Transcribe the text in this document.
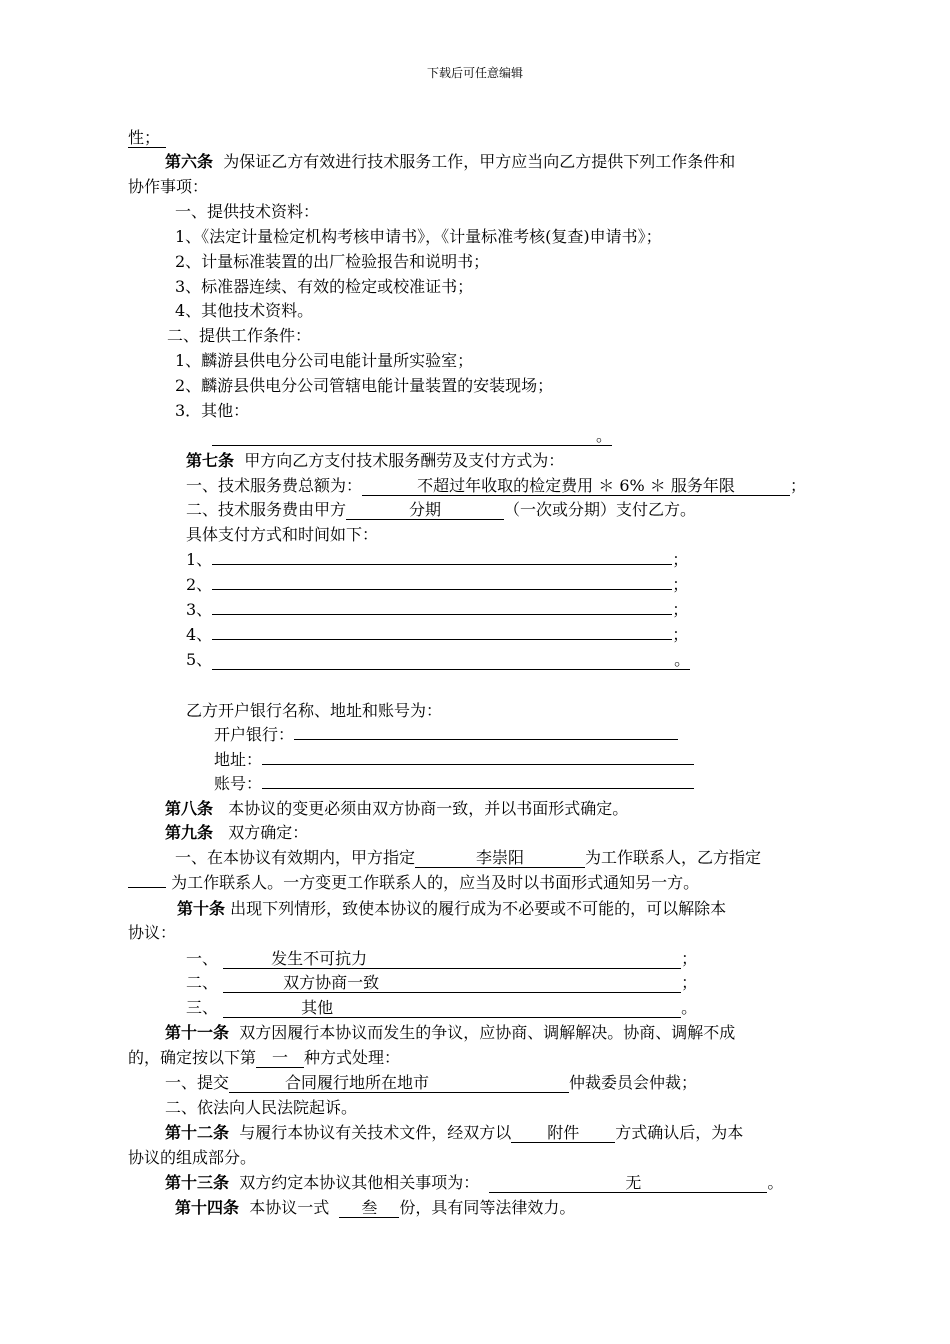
下载后可任意编辑
性；
第六条 为保证乙方有效进行技术服务工作，甲方应当向乙方提供下列工作条件和
协作事项：
一、提供技术资料：
1、《法定计量检定机构考核申请书》，《计量标准考核(复查)申请书》；
2、计量标准装置的出厂检验报告和说明书；
3、标准器连续、有效的检定或校准证书；
4、其他技术资料。
二、提供工作条件：
1、麟游县供电分公司电能计量所实验室；
2、麟游县供电分公司管辖电能计量装置的安装现场；
3．其他：
。
第七条 甲方向乙方支付技术服务酬劳及支付方式为：
一、技术服务费总额为：	不超过年收取的检定费用 ＊ 6% ＊ 服务年限	；
二、技术服务费由甲方	分期	（一次或分期）支付乙方。
具体支付方式和时间如下：
1、	；
2、	；
3、	；
4、	；
5、	。
乙方开户银行名称、地址和账号为：
开户银行：
地址：
账号：
第八条 本协议的变更必须由双方协商一致，并以书面形式确定。
第九条 双方确定：
一、在本协议有效期内，甲方指定	李崇阳	为工作联系人，乙方指定
为工作联系人。一方变更工作联系人的，应当及时以书面形式通知另一方。
第十条 出现下列情形，致使本协议的履行成为不必要或不可能的，可以解除本
协议：
一、	发生不可抗力	；
二、	双方协商一致	；
三、	其他	。
第十一条 双方因履行本协议而发生的争议，应协商、调解解决。协商、调解不成
的，确定按以下第 一 种方式处理：
一、提交	合同履行地所在地市	仲裁委员会仲裁；
二、依法向人民法院起诉。
第十二条 与履行本协议有关技术文件，经双方以 附件 方式确认后，为本
协议的组成部分。
第十三条 双方约定本协议其他相关事项为：	无	。
第十四条 本协议一式 叁 份，具有同等法律效力。
